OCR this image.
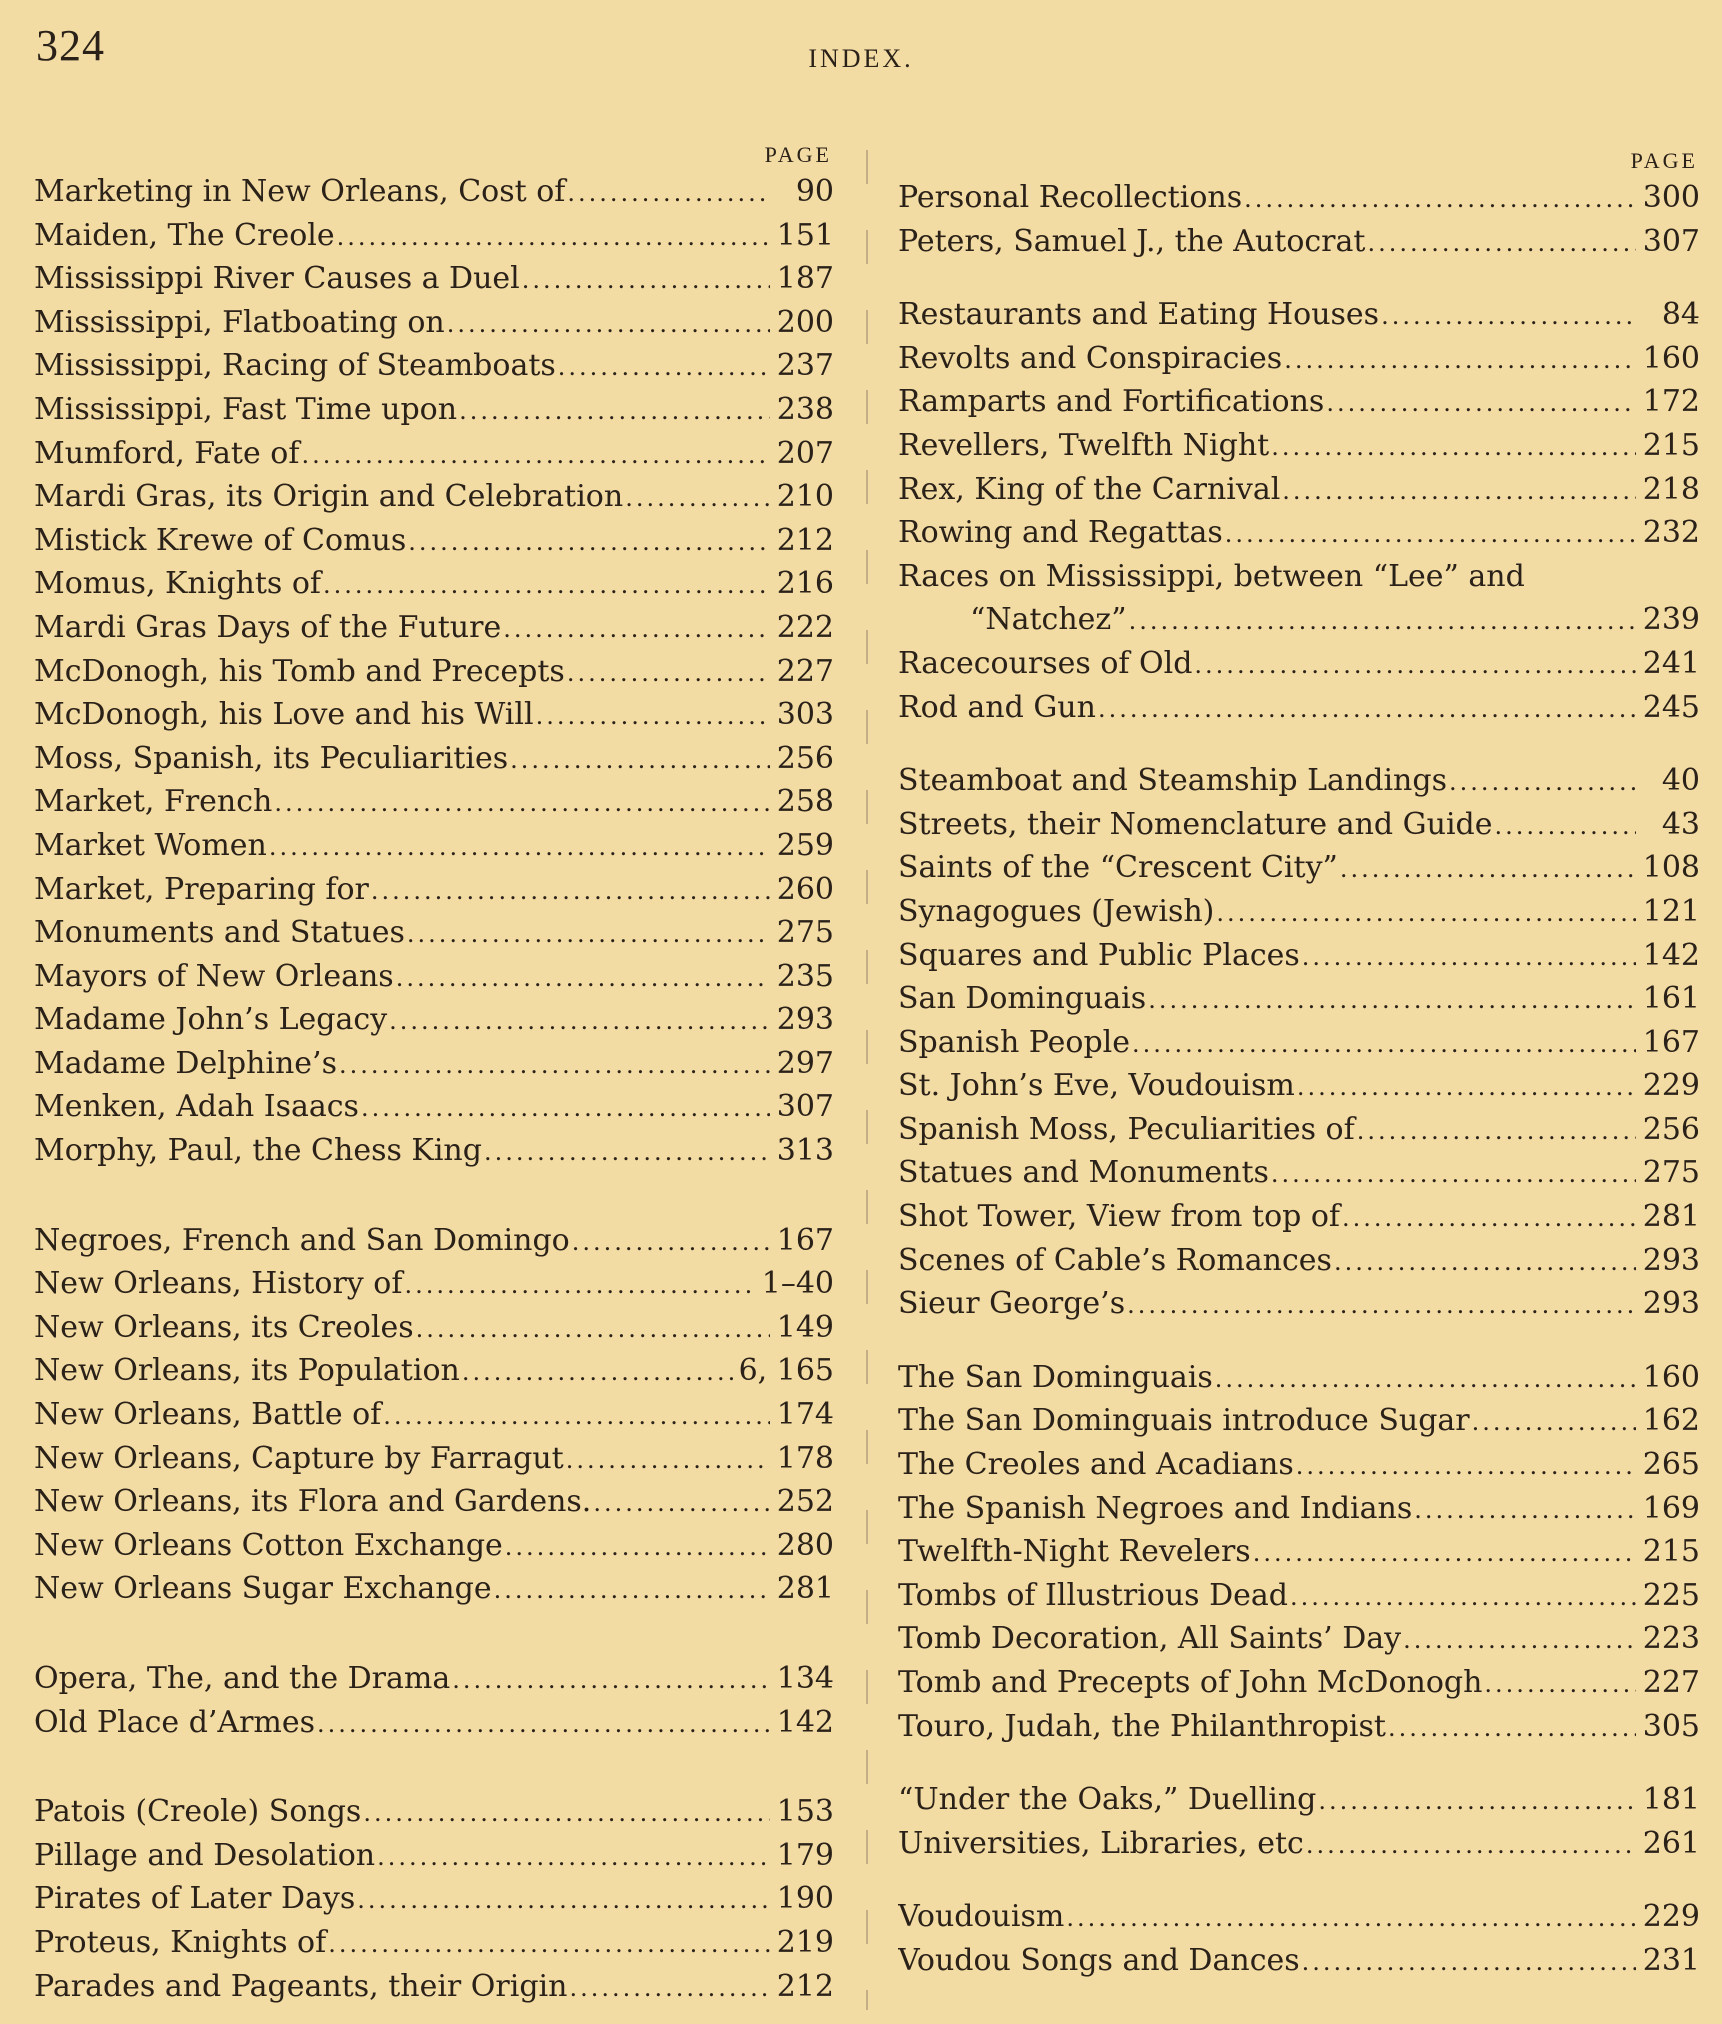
324	INDEX.
PAGE
Marketing in New Orleans, Cost of .....	90
Maiden, The Creole .....	151
Mississippi River Causes a Duel .....	187
Mississippi, Flatboating on .....	200
Mississippi, Racing of Steamboats .....	237
Mississippi, Fast Time upon .....	238
Mumford, Fate of .....	207
Mardi Gras, its Origin and Celebration .....	210
Mistick Krewe of Comus .....	212
Momus, Knights of .....	216
Mardi Gras Days of the Future .....	222
McDonogh, his Tomb and Precepts .....	227
McDonogh, his Love and his Will .....	303
Moss, Spanish, its Peculiarities .....	256
Market, French .....	258
Market Women .....	259
Market, Preparing for .....	260
Monuments and Statues .....	275
Mayors of New Orleans .....	235
Madame John’s Legacy .....	293
Madame Delphine’s .....	297
Menken, Adah Isaacs .....	307
Morphy, Paul, the Chess King .....	313
Negroes, French and San Domingo .....	167
New Orleans, History of .....	1–40
New Orleans, its Creoles .....	149
New Orleans, its Population .....	6, 165
New Orleans, Battle of .....	174
New Orleans, Capture by Farragut .....	178
New Orleans, its Flora and Gardens. .....	252
New Orleans Cotton Exchange .....	280
New Orleans Sugar Exchange .....	281
Opera, The, and the Drama .....	134
Old Place d’Armes .....	142
Patois (Creole) Songs .....	153
Pillage and Desolation .....	179
Pirates of Later Days .....	190
Proteus, Knights of .....	219
Parades and Pageants, their Origin .....	212
PAGE
Personal Recollections .....	300
Peters, Samuel J., the Autocrat .....	307
Restaurants and Eating Houses .....	84
Revolts and Conspiracies .....	160
Ramparts and Fortifications .....	172
Revellers, Twelfth Night .....	215
Rex, King of the Carnival .....	218
Rowing and Regattas .....	232
Races on Mississippi, between “Lee” and
“Natchez” .....	239
Racecourses of Old .....	241
Rod and Gun .....	245
Steamboat and Steamship Landings .....	40
Streets, their Nomenclature and Guide .....	43
Saints of the “Crescent City” .....	108
Synagogues (Jewish) .....	121
Squares and Public Places .....	142
San Dominguais .....	161
Spanish People .....	167
St. John’s Eve, Voudouism .....	229
Spanish Moss, Peculiarities of .....	256
Statues and Monuments .....	275
Shot Tower, View from top of .....	281
Scenes of Cable’s Romances .....	293
Sieur George’s .....	293
The San Dominguais .....	160
The San Dominguais introduce Sugar .....	162
The Creoles and Acadians .....	265
The Spanish Negroes and Indians .....	169
Twelfth-Night Revelers .....	215
Tombs of Illustrious Dead .....	225
Tomb Decoration, All Saints’ Day .....	223
Tomb and Precepts of John McDonogh .....	227
Touro, Judah, the Philanthropist .....	305
“Under the Oaks,” Duelling .....	181
Universities, Libraries, etc .....	261
Voudouism .....	229
Voudou Songs and Dances .....	231
